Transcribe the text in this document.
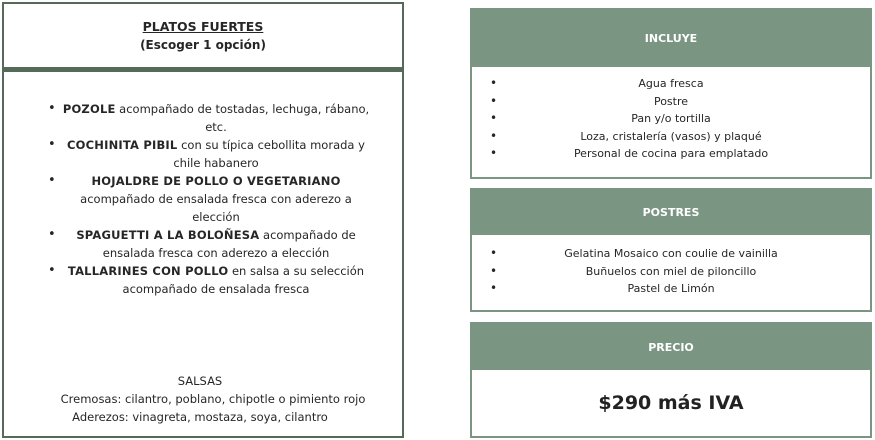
PLATOS FUERTES
(Escoger 1 opción)
• POZOLE acompañado de tostadas, lechuga, rábano, etc.
• COCHINITA PIBIL con su típica cebollita morada y chile habanero
•	HOJALDRE DE POLLO O VEGETARIANO acompañado de ensalada fresca con aderezo a elección
• SPAGUETTI A LA BOLOÑESA acompañado de ensalada fresca con aderezo a elección
• TALLARINES CON POLLO en salsa a su selección acompañado de ensalada fresca
SALSAS
Cremosas: cilantro, poblano, chipotle o pimiento rojo
Aderezos: vinagreta, mostaza, soya, cilantro
INCLUYE
•	Agua fresca
•	Postre
•	Pan y/o tortilla
•	Loza, cristalería (vasos) y plaqué
•	Personal de cocina para emplatado
POSTRES
•	Gelatina Mosaico con coulie de vainilla
•	Buñuelos con miel de piloncillo
•	Pastel de Limón
PRECIO
$290 más IVA
